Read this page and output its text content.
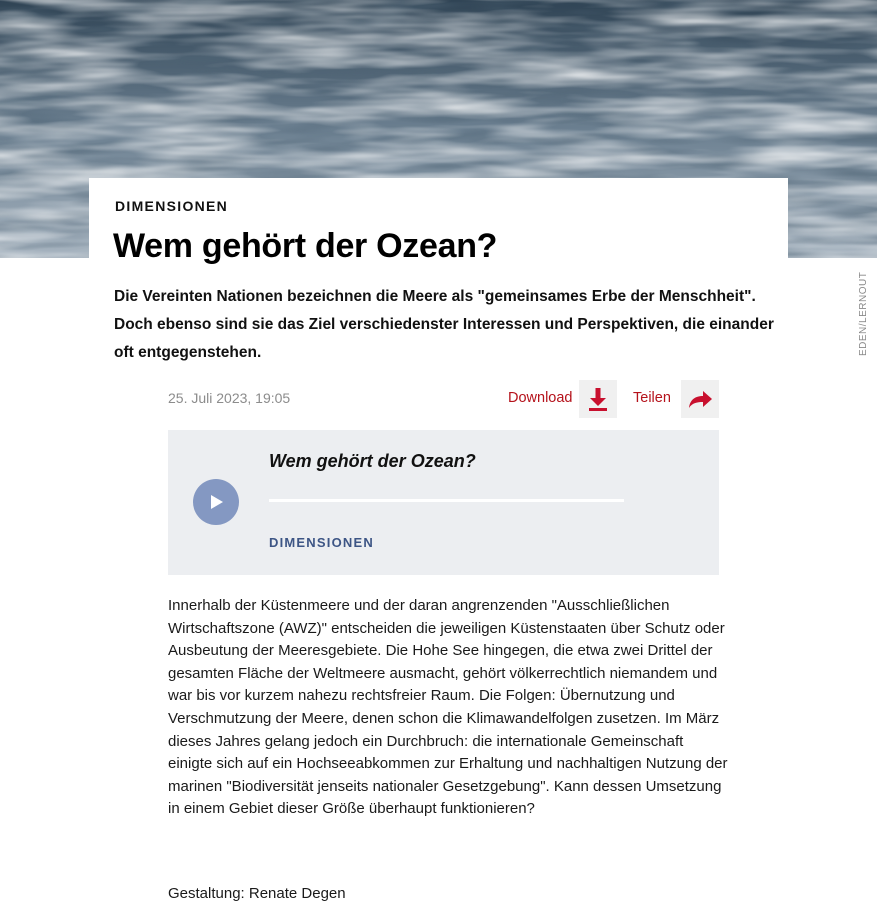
EDEN/LERNOUT
DIMENSIONEN
Wem gehört der Ozean?

Die Vereinten Nationen bezeichnen die Meere als "gemeinsames Erbe der Menschheit". Doch ebenso sind sie das Ziel verschiedenster Interessen und Perspektiven, die einander oft entgegenstehen.

25. Juli 2023, 19:05	Download	Teilen
Wem gehört der Ozean?
DIMENSIONEN

Innerhalb der Küstenmeere und der daran angrenzenden "Ausschließlichen Wirtschaftszone (AWZ)" entscheiden die jeweiligen Küstenstaaten über Schutz oder Ausbeutung der Meeresgebiete. Die Hohe See hingegen, die etwa zwei Drittel der gesamten Fläche der Weltmeere ausmacht, gehört völkerrechtlich niemandem und war bis vor kurzem nahezu rechtsfreier Raum. Die Folgen: Übernutzung und Verschmutzung der Meere, denen schon die Klimawandelfolgen zusetzen. Im März dieses Jahres gelang jedoch ein Durchbruch: die internationale Gemeinschaft einigte sich auf ein Hochseeabkommen zur Erhaltung und nachhaltigen Nutzung der marinen "Biodiversität jenseits nationaler Gesetzgebung". Kann dessen Umsetzung in einem Gebiet dieser Größe überhaupt funktionieren?

Gestaltung: Renate Degen
